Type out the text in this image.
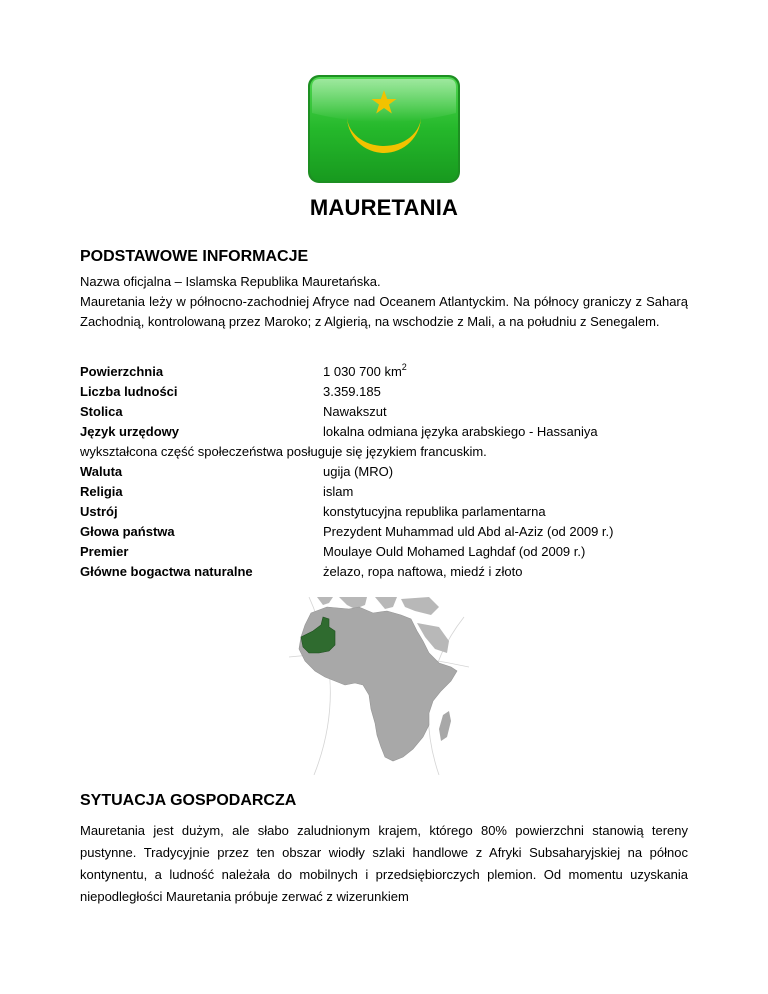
MAURETANIA
PODSTAWOWE INFORMACJE

Nazwa oficjalna – Islamska Republika Mauretańska.

Mauretania leży w północno-zachodniej Afryce nad Oceanem Atlantyckim. Na północy graniczy z Saharą Zachodnią, kontrolowaną przez Maroko; z Algierią, na wschodzie z Mali, a na południu z Senegalem.

Powierzchnia	1 030 700 $km^2$
Liczba ludności	3.359.185
Stolica	Nawakszut
Język urzędowy	lokalna odmiana języka arabskiego - Hassaniya
wykształcona część społeczeństwa posługuje się językiem francuskim.
Waluta	ugija (MRO)
Religia	islam
Ustrój	konstytucyjna republika parlamentarna
Głowa państwa	Prezydent Muhammad uld Abd al-Aziz (od 2009 r.)
Premier	Moulaye Ould Mohamed Laghdaf (od 2009 r.)
Główne bogactwa naturalne	żelazo, ropa naftowa, miedź i złoto
SYTUACJA GOSPODARCZA

Mauretania jest dużym, ale słabo zaludnionym krajem, którego 80% powierzchni stanowią tereny pustynne. Tradycyjnie przez ten obszar wiodły szlaki handlowe z Afryki Subsaharyjskiej na północ kontynentu, a ludność należała do mobilnych i przedsiębiorczych plemion. Od momentu uzyskania niepodległości Mauretania próbuje zerwać z wizerunkiem
